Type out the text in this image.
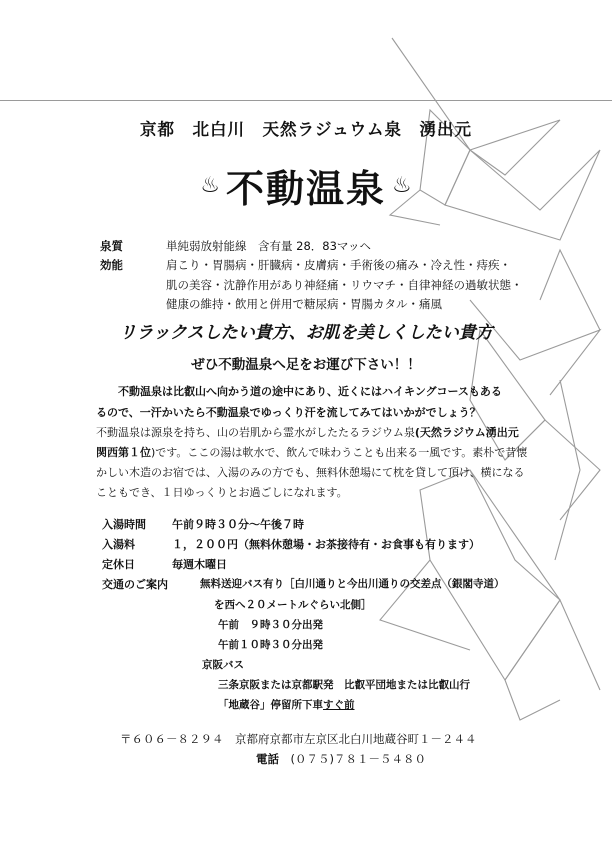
京都　 北白川　 天然ラジュウム泉　 湧出元
♨ 不動温泉 ♨
泉質	単純弱放射能線　含有量 28．83マッヘ
効能	肩こり・胃腸病・肝臓病・皮膚病・手術後の痛み・冷え性・痔疾・
肌の美容・沈静作用があり神経痛・リウマチ・自律神経の過敏状態・
健康の維持・飲用と併用で糖尿病・胃腸カタル・痛風
リラックスしたい貴方、お肌を美しくしたい貴方
ぜひ不動温泉へ足をお運び下さい！！
不動温泉は比叡山へ向かう道の途中にあり、近くにはハイキングコースもある
るので、一汗かいたら不動温泉でゆっくり汗を流してみてはいかがでしょう？
不動温泉は源泉を持ち、山の岩肌から霊水がしたたるラジウム泉(天然ラジウム湧出元
関西第１位)です。ここの湯は軟水で、飲んで味わうことも出来る一風です。素朴で昔懐
かしい木造のお宿では、入湯のみの方でも、無料休憩場にて枕を貸して頂け、横になる
こともでき、１日ゆっくりとお過ごしになれます。
入湯時間 午前９時３０分～午後７時
入湯料	１，２００円（無料休憩場・お茶接待有・お食事も有ります）
定休日	毎週木曜日
交通のご案内	無料送迎バス有り［白川通りと今出川通りの交差点（銀閣寺道）
を西へ２０メートルぐらい北側］
午前　９時３０分出発
午前１０時３０分出発
京阪バス
三条京阪または京都駅発　比叡平団地または比叡山行
「地蔵谷」停留所下車すぐ前
〒６０６－８２９４　 京都府京都市左京区北白川地蔵谷町１－２４４
電話　 (０７５)７８１－５４８０
